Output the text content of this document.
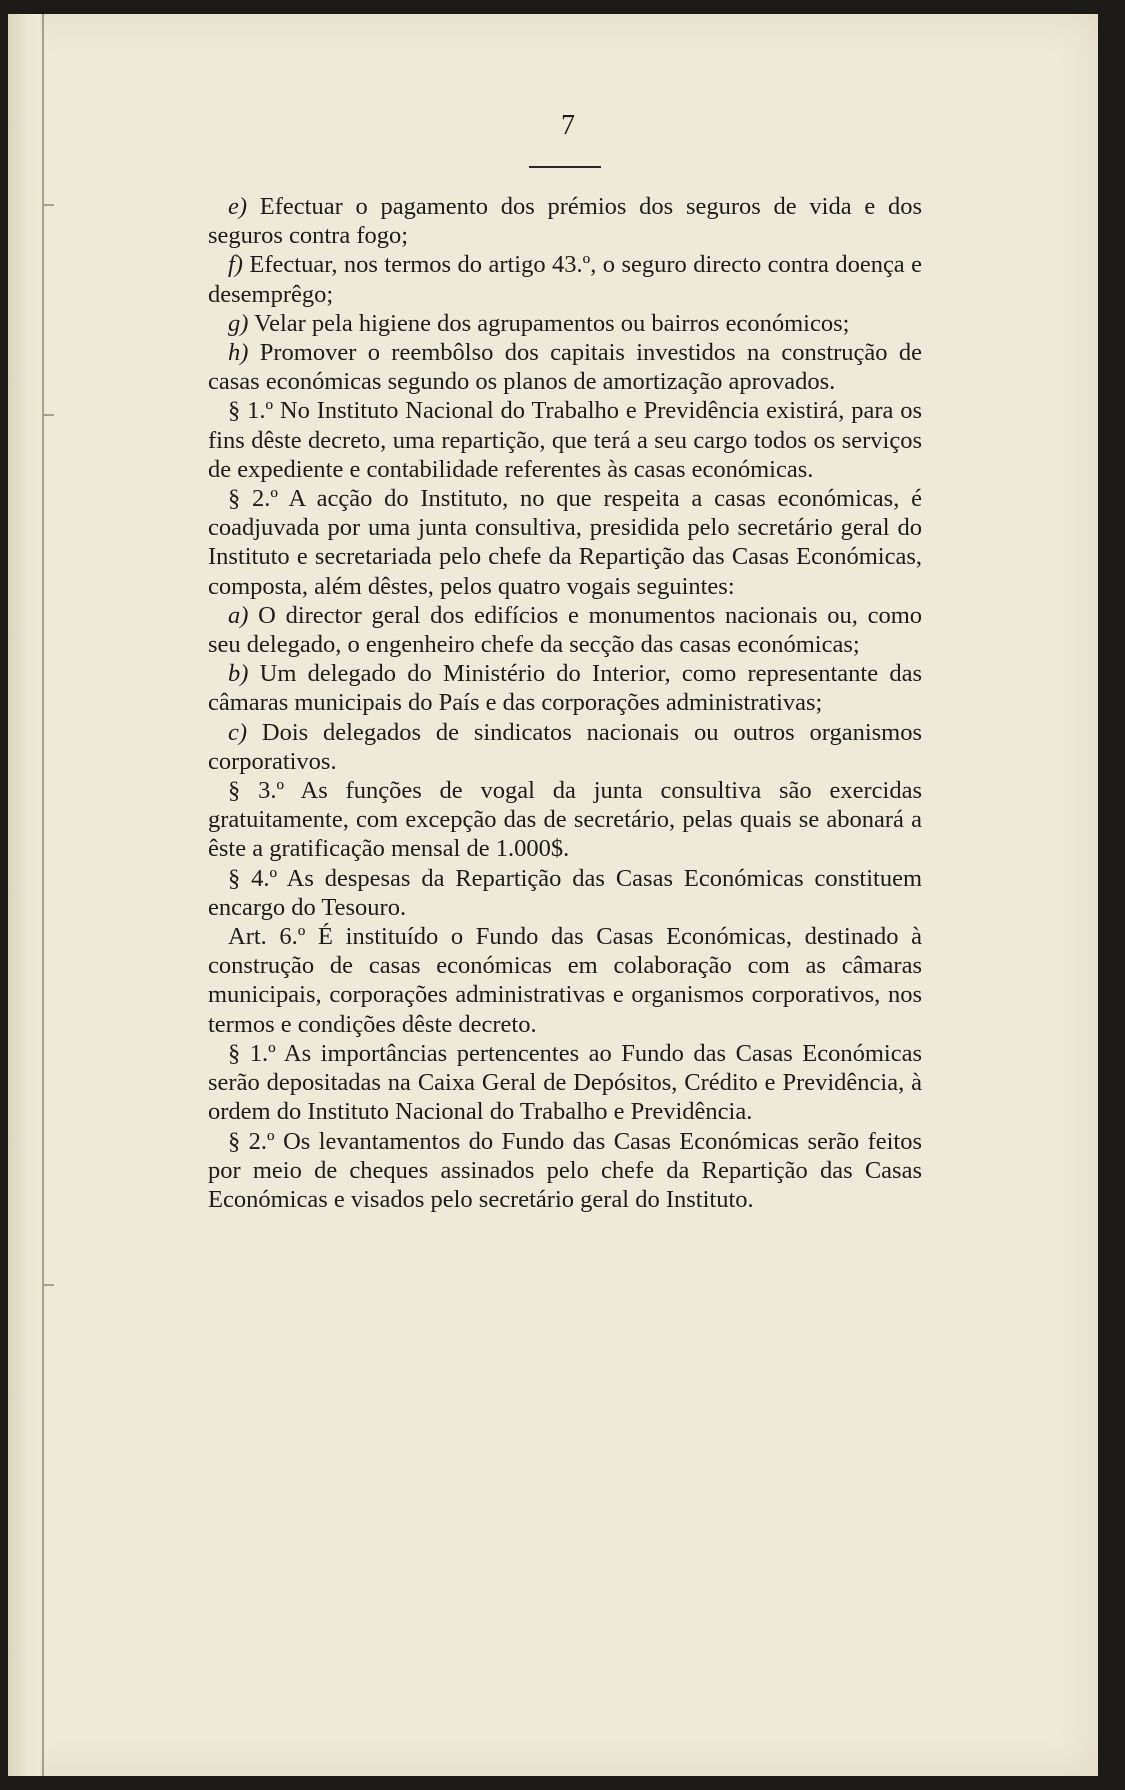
7

e) Efectuar o pagamento dos prémios dos seguros de vida e dos seguros contra fogo;

f) Efectuar, nos termos do artigo 43.º, o seguro directo contra doença e desemprêgo;

g) Velar pela higiene dos agrupamentos ou bairros económicos;

h) Promover o reembôlso dos capitais investidos na construção de casas económicas segundo os planos de amortização aprovados.

§ 1.º No Instituto Nacional do Trabalho e Previdência existirá, para os fins dêste decreto, uma repartição, que terá a seu cargo todos os serviços de expediente e contabilidade referentes às casas económicas.

§ 2.º A acção do Instituto, no que respeita a casas económicas, é coadjuvada por uma junta consultiva, presidida pelo secretário geral do Instituto e secretariada pelo chefe da Repartição das Casas Económicas, composta, além dêstes, pelos quatro vogais seguintes:

a) O director geral dos edifícios e monumentos nacionais ou, como seu delegado, o engenheiro chefe da secção das casas económicas;

b) Um delegado do Ministério do Interior, como representante das câmaras municipais do País e das corporações administrativas;

c) Dois delegados de sindicatos nacionais ou outros organismos corporativos.

§ 3.º As funções de vogal da junta consultiva são exercidas gratuitamente, com excepção das de secretário, pelas quais se abonará a êste a gratificação mensal de 1.000$.

§ 4.º As despesas da Repartição das Casas Económicas constituem encargo do Tesouro.

Art. 6.º É instituído o Fundo das Casas Económicas, destinado à construção de casas económicas em colaboração com as câmaras municipais, corporações administrativas e organismos corporativos, nos termos e condições dêste decreto.

§ 1.º As importâncias pertencentes ao Fundo das Casas Económicas serão depositadas na Caixa Geral de Depósitos, Crédito e Previdência, à ordem do Instituto Nacional do Trabalho e Previdência.

§ 2.º Os levantamentos do Fundo das Casas Económicas serão feitos por meio de cheques assinados pelo chefe da Repartição das Casas Económicas e visados pelo secretário geral do Instituto.
